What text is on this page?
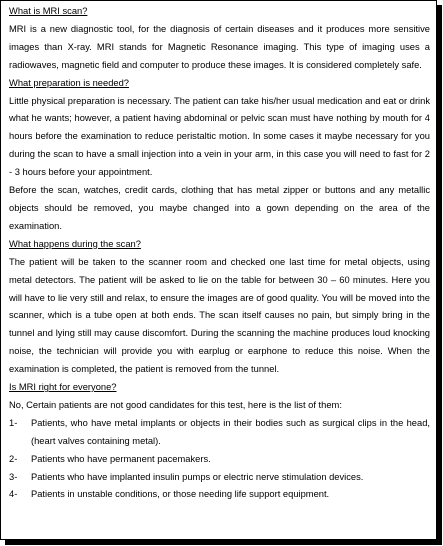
What is MRI scan?

MRI is a new diagnostic tool, for the diagnosis of certain diseases and it produces more sensitive images than X-ray. MRI stands for Magnetic Resonance imaging. This type of imaging uses a radiowaves, magnetic field and computer to produce these images. It is considered completely safe.

What preparation is needed?

Little physical preparation is necessary. The patient can take his/her usual medication and eat or drink what he wants; however, a patient having abdominal or pelvic scan must have nothing by mouth for 4 hours before the examination to reduce peristaltic motion. In some cases it maybe necessary for you during the scan to have a small injection into a vein in your arm, in this case you will need to fast for 2 - 3 hours before your appointment.

Before the scan, watches, credit cards, clothing that has metal zipper or buttons and any metallic objects should be removed, you maybe changed into a gown depending on the area of the examination.

What happens during the scan?

The patient will be taken to the scanner room and checked one last time for metal objects, using metal detectors. The patient will be asked to lie on the table for between 30 – 60 minutes. Here you will have to lie very still and relax, to ensure the images are of good quality. You will be moved into the scanner, which is a tube open at both ends. The scan itself causes no pain, but simply bring in the tunnel and lying still may cause discomfort. During the scanning the machine produces loud knocking noise, the technician will provide you with earplug or earphone to reduce this noise. When the examination is completed, the patient is removed from the tunnel.

Is MRI right for everyone?

No, Certain patients are not good candidates for this test, here is the list of them:

1-	Patients, who have metal implants or objects in their bodies such as surgical clips in the head, (heart valves containing metal).
2-	Patients who have permanent pacemakers.
3-	Patients who have implanted insulin pumps or electric nerve stimulation devices.
4-	Patients in unstable conditions, or those needing life support equipment.
